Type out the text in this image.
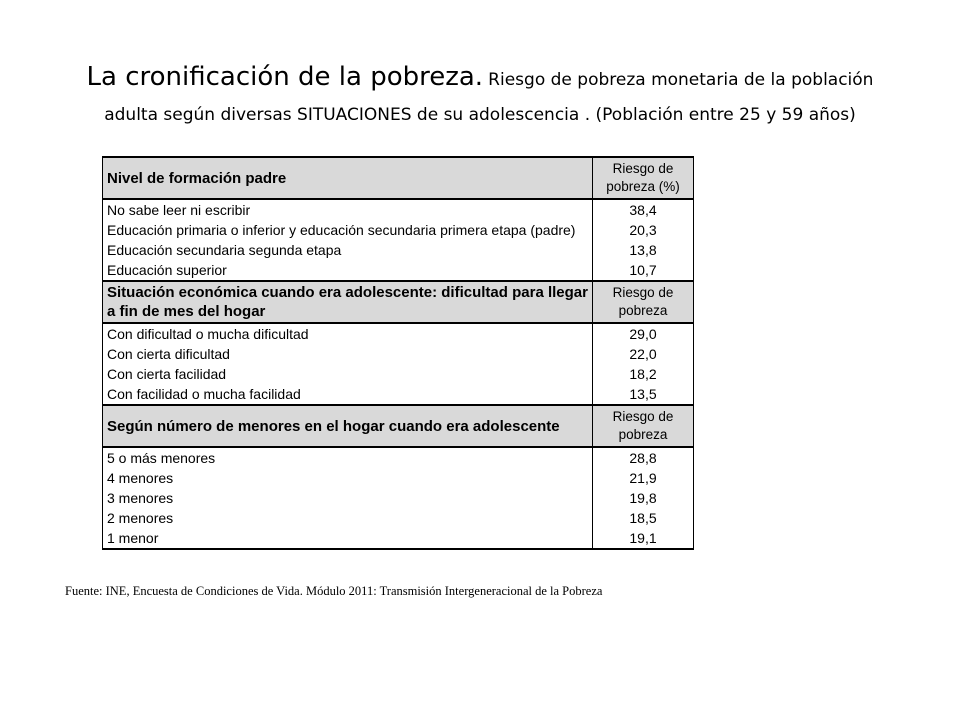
La cronificación de la pobreza. Riesgo de pobreza monetaria de la población
adulta según diversas SITUACIONES de su adolescencia . (Población entre 25 y 59 años)
Nivel de formación padre	Riesgo de
pobreza (%)

No sabe leer ni escribir	38,4
Educación primaria o inferior y educación secundaria primera etapa (padre)	20,3
Educación secundaria segunda etapa	13,8
Educación superior	10,7
Situación económica cuando era adolescente: dificultad para llegar a fin de mes del hogar	Riesgo de
pobreza

Con dificultad o mucha dificultad	29,0
Con cierta dificultad	22,0
Con cierta facilidad	18,2
Con facilidad o mucha facilidad	13,5
Según número de menores en el hogar cuando era adolescente	Riesgo de
pobreza

5 o más menores	28,8
4 menores	21,9
3 menores	19,8
2 menores	18,5
1 menor	19,1
Fuente: INE, Encuesta de Condiciones de Vida. Módulo 2011: Transmisión Intergeneracional de la Pobreza
